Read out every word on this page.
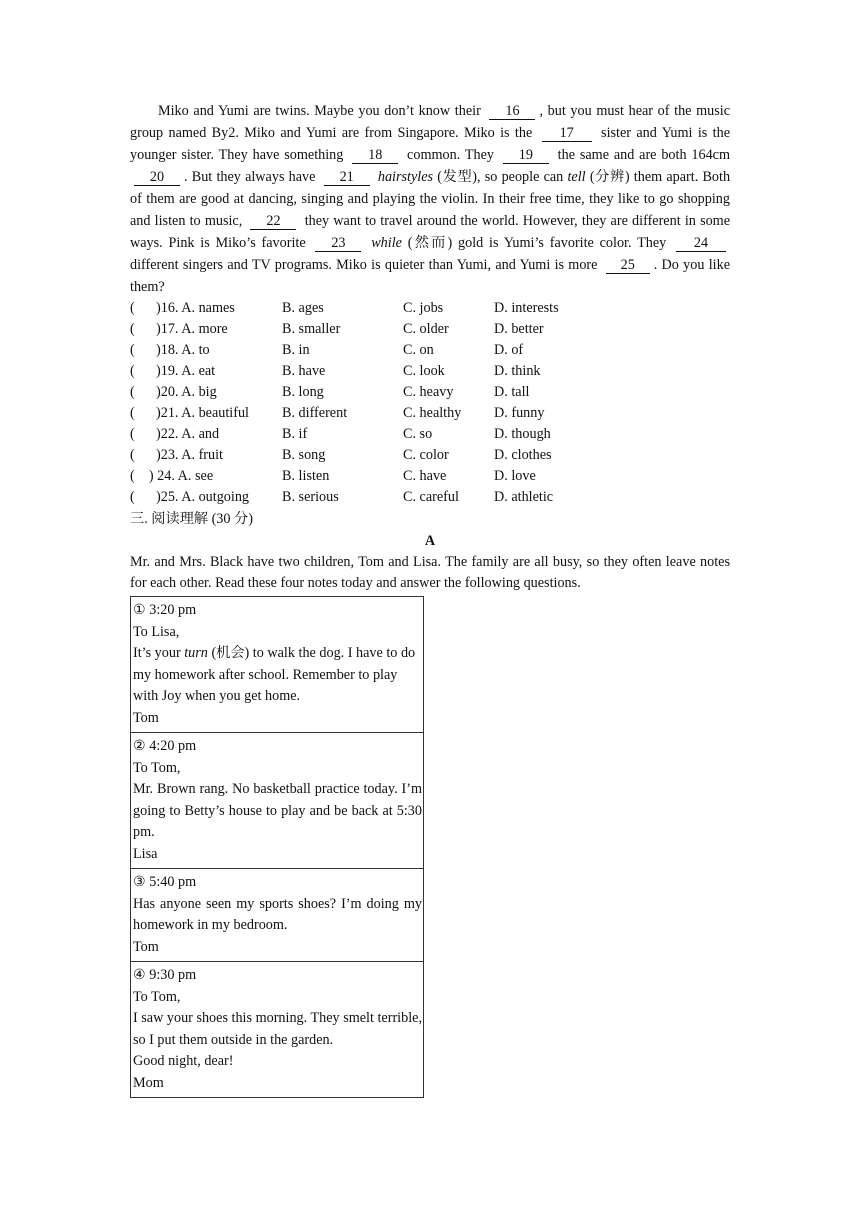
Miko and Yumi are twins. Maybe you don’t know their 16 , but you must hear of the music group named By2. Miko and Yumi are from Singapore. Miko is the 17 sister and Yumi is the younger sister. They have something 18 common. They 19 the same and are both 164cm 20 . But they always have 21 hairstyles (发型), so people can tell (分辨) them apart. Both of them are good at dancing, singing and playing the violin. In their free time, they like to go shopping and listen to music, 22 they want to travel around the world. However, they are different in some ways. Pink is Miko’s favorite 23 while (然而) gold is Yumi’s favorite color. They 24 different singers and TV programs. Miko is quieter than Yumi, and Yumi is more 25 . Do you like them?

(      )16. A. names	B. ages	C. jobs	D. interests
(      )17. A. more	B. smaller	C. older	D. better
(      )18. A. to	B. in	C. on	D. of
(      )19. A. eat	B. have	C. look	D. think
(      )20. A. big	B. long	C. heavy	D. tall
(      )21. A. beautiful	B. different	C. healthy	D. funny
(      )22. A. and	B. if	C. so	D. though
(      )23. A. fruit	B. song	C. color	D. clothes
(    ) 24. A. see	B. listen	C. have	D. love
(      )25. A. outgoing	B. serious	C. careful	D. athletic
三. 阅读理解 (30 分)
A

Mr. and Mrs. Black have two children, Tom and Lisa. The family are all busy, so they often leave notes for each other. Read these four notes today and answer the following questions.

① 3:20 pm

To Lisa,

It’s your turn (机会) to walk the dog. I have to do my homework after school. Remember to play with Joy when you get home.

Tom

② 4:20 pm

To Tom,

Mr. Brown rang. No basketball practice today. I’m going to Betty’s house to play and be back at 5:30 pm.

Lisa

③ 5:40 pm

Has anyone seen my sports shoes? I’m doing my homework in my bedroom.

Tom

④ 9:30 pm

To Tom,

I saw your shoes this morning. They smelt terrible, so I put them outside in the garden.

Good night, dear!

Mom
